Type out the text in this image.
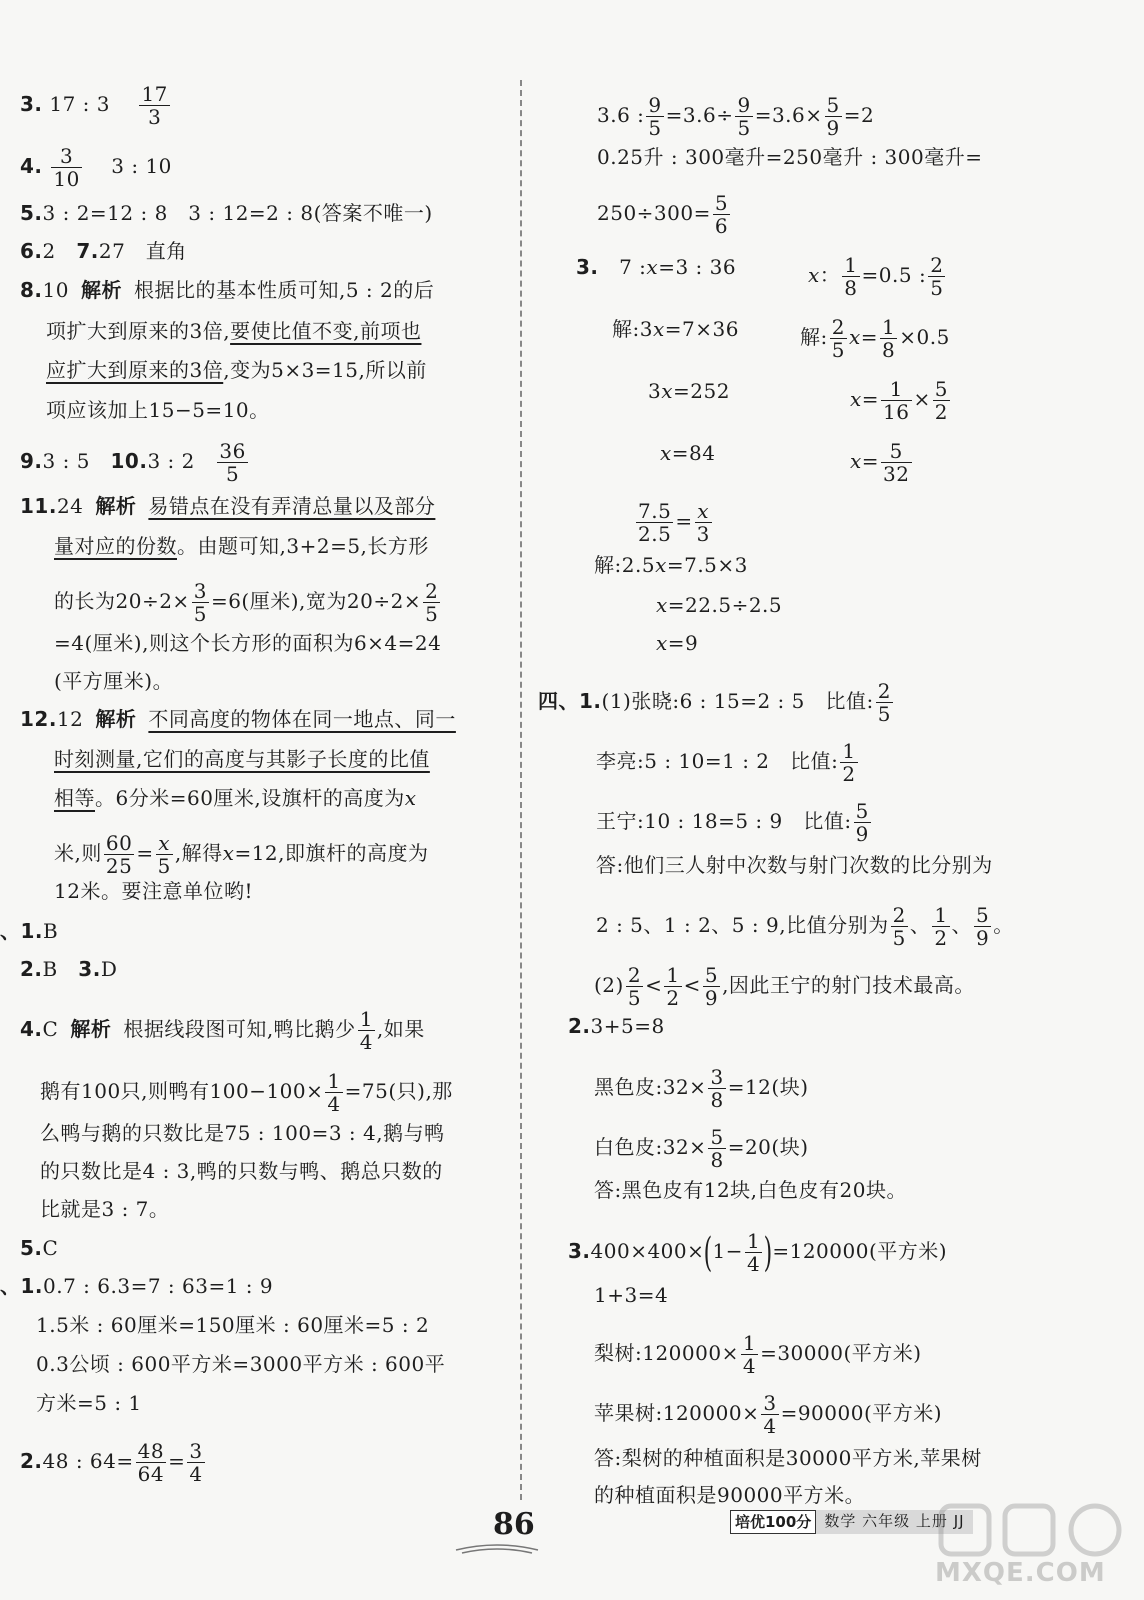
3. 17 : $3 \frac{17}{3}$
4. $\frac{3}{10} 3$ : 10
5.3 : 2=12 : 8　3 : 12=2 : 8(答案不唯一)
6.2 7.27　直角
8.10 解析 根据比的基本性质可知,5 : 2的后
项扩大到原来的3倍,要使比值不变,前项也
应扩大到原来的3倍,变为5×3=15,所以前
项应该加上15−5=10。
9.3 : 5 10.3 : $2 \frac{36}{5}$
11.24 解析 易错点在没有弄清总量以及部分
量对应的份数。由题可知,3+2=5,长方形
的长为$20\div 2\times \frac{3}{5} =6$(厘米),宽为$20\div 2\times \frac{2}{5}$
=4(厘米),则这个长方形的面积为6×4=24
(平方厘米)。
12.12 解析 不同高度的物体在同一地点、同一
时刻测量,它们的高度与其影子长度的比值
相等。6分米=60厘米,设旗杆的高度为x
米,则 $\frac{60}{25} = \frac{x}{5}$ ,解得x=12,即旗杆的高度为
12米。要注意单位哟!
、1.B
2.B 3.D
4.C 解析 根据线段图可知,鸭比鹅少 $\frac{1}{4}$ ,如果
鹅有100只,则鸭有$100-100\times \frac{1}{4} =75$(只),那
么鸭与鹅的只数比是75 : 100=3 : 4,鹅与鸭
的只数比是4 : 3,鸭的只数与鸭、鹅总只数的
比就是3 : 7。
5.C
、1.0.7 : 6.3=7 : 63=1 : 9
1.5米 : 60厘米=150厘米 : 60厘米=5 : 2
0.3公顷 : 600平方米=3000平方米 : 600平
方米=5 : 1
2.48 : $64= \frac{48}{64} = \frac{3}{4}$
3.6 : $\frac{9}{5} =3.6\div \frac{9}{5} =3.6\times \frac{5}{9} =2$
0.25升 : 300毫升=250毫升 : 300毫升=
$250\div 300= \frac{5}{6}$
3. 7 :x=3 : 36	x： $\frac{1}{8} =0.5$ : $\frac{2}{5}$
解:3x=7×36	解: $\frac{2}{5} x= \frac{1}{8} \times 0.5$
3x=252	$x= \frac{1}{16} \times \frac{5}{2}$
x=84	$x= \frac{5}{32}$
$\frac{7.5}{2.5} = \frac{x}{3}$
解:2.5x=7.5×3
x=22.5÷2.5
x=9
四、1.(1)张晓:6 : 15=2 : 5 比值: $\frac{2}{5}$
李亮:5 : 10=1 : 2 比值: $\frac{1}{2}$
王宁:10 : 18=5 : 9 比值: $\frac{5}{9}$
答:他们三人射中次数与射门次数的比分别为
2 : 5、1 : 2、5 : 9,比值分别为 $\frac{2}{5}$ 、 $\frac{1}{2}$ 、 $\frac{5}{9}$ 。
$(2) \frac{2}{5} < \frac{1}{2} < \frac{5}{9}$ ,因此王宁的射门技术最高。
2.3+5=8
黑色皮:32× $\frac{3}{8} =12$(块)
白色皮:32× $\frac{5}{8} =20$(块)
答:黑色皮有12块,白色皮有20块。
$3.400\times 400\times(1- \frac{1}{4} )=120000$(平方米)
1+3=4
梨树:120000× $\frac{1}{4} =30000$(平方米)
苹果树:120000× $\frac{3}{4} =90000$(平方米)
答:梨树的种植面积是30000平方米,苹果树
的种植面积是90000平方米。
86	培优100分 数学 六年级 上册 JJ
MXQE.COM
